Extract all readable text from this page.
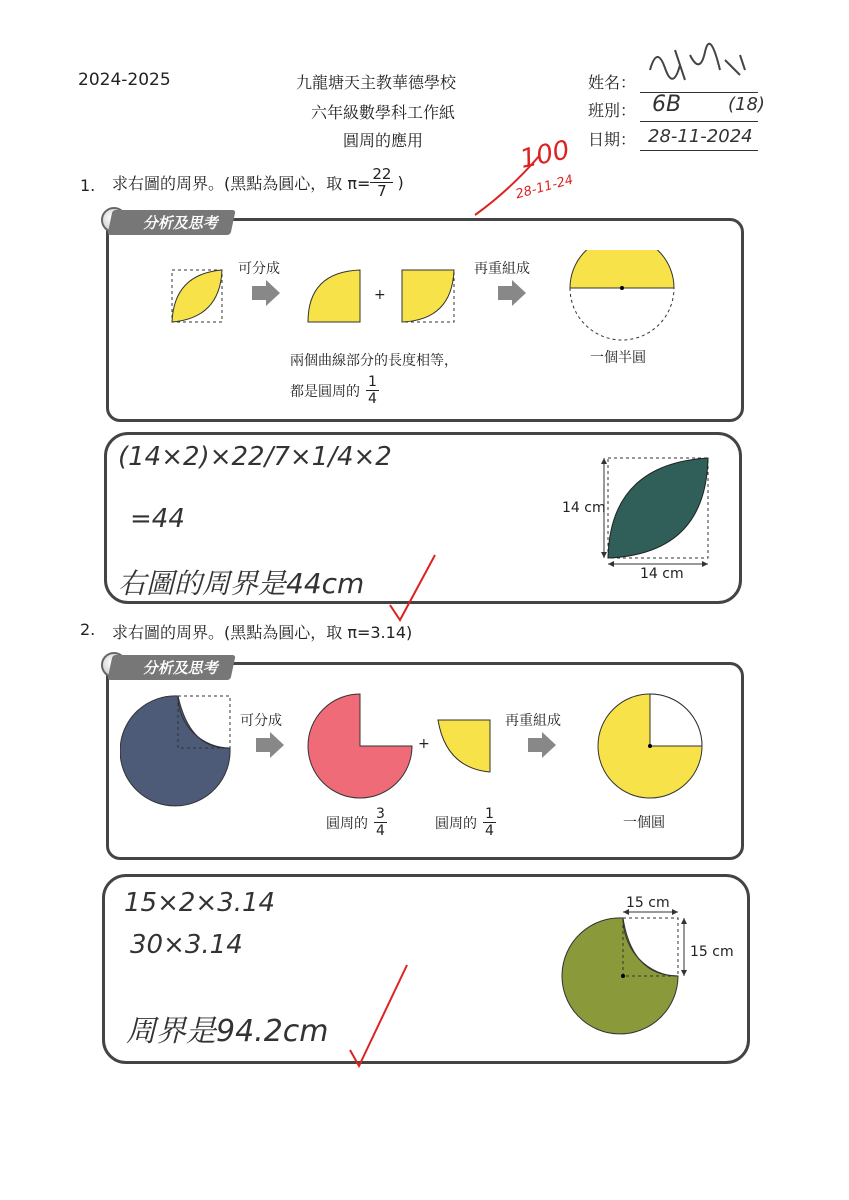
2024-2025	九龍塘天主教華德學校
六年級數學科工作紙
圓周的應用
姓名：
班別： 6B	(18)
日期： 28-11-2024
100
28-11-24
1. 求右圖的周界。(黑點為圓心，取 $\pi= \frac{22}{7}$ )
分析及思考
可分成
+
再重組成
兩個曲線部分的長度相等，
都是圓周的 $\frac{1}{4}$
一個半圓
(14×2)×22/7×1/4×2
=44
右圖的周界是44cm
14 cm
14 cm
2. 求右圖的周界。(黑點為圓心，取 π=3.14)
分析及思考
可分成
+
再重組成
圓周的 $\frac{3}{4}$	圓周的 $\frac{1}{4}$	一個圓
15×2×3.14
30×3.14
周界是94.2cm
15 cm
15 cm
